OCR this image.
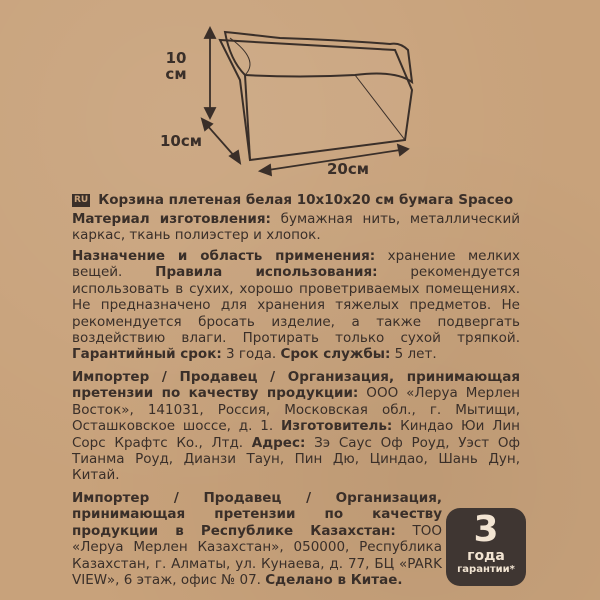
10
см
10см
20см
RU Корзина плетеная белая 10х10х20 см бумага Spaceo
Материал изготовления: бумажная нить, металлический каркас, ткань полиэстер и хлопок.
Назначение и область применения: хранение мелких вещей. Правила использования: рекомендуется использовать в сухих, хорошо проветриваемых помещениях. Не предназначено для хранения тяжелых предметов. Не рекомендуется бросать изделие, а также подвергать воздействию влаги. Протирать только сухой тряпкой. Гарантийный срок: 3 года. Срок службы: 5 лет.
Импортер / Продавец / Организация, принимающая претензии по качеству продукции: ООО «Леруа Мерлен Восток», 141031, Россия, Московская обл., г. Мытищи, Осташковское шоссе, д. 1. Изготовитель: Киндао Юи Лин Сорс Крафтс Ко., Лтд. Адрес: Зэ Саус Оф Роуд, Уэст Оф Тианма Роуд, Дианзи Таун, Пин Дю, Циндао, Шань Дун, Китай.
Импортер / Продавец / Организация, принимающая претензии по качеству продукции в Республике Казахстан: ТОО «Леруа Мерлен Казахстан», 050000, Республика Казахстан, г. Алматы, ул. Кунаева, д. 77, БЦ «PARK VIEW», 6 этаж, офис № 07. Сделано в Китае.
3
года
гарантии*
